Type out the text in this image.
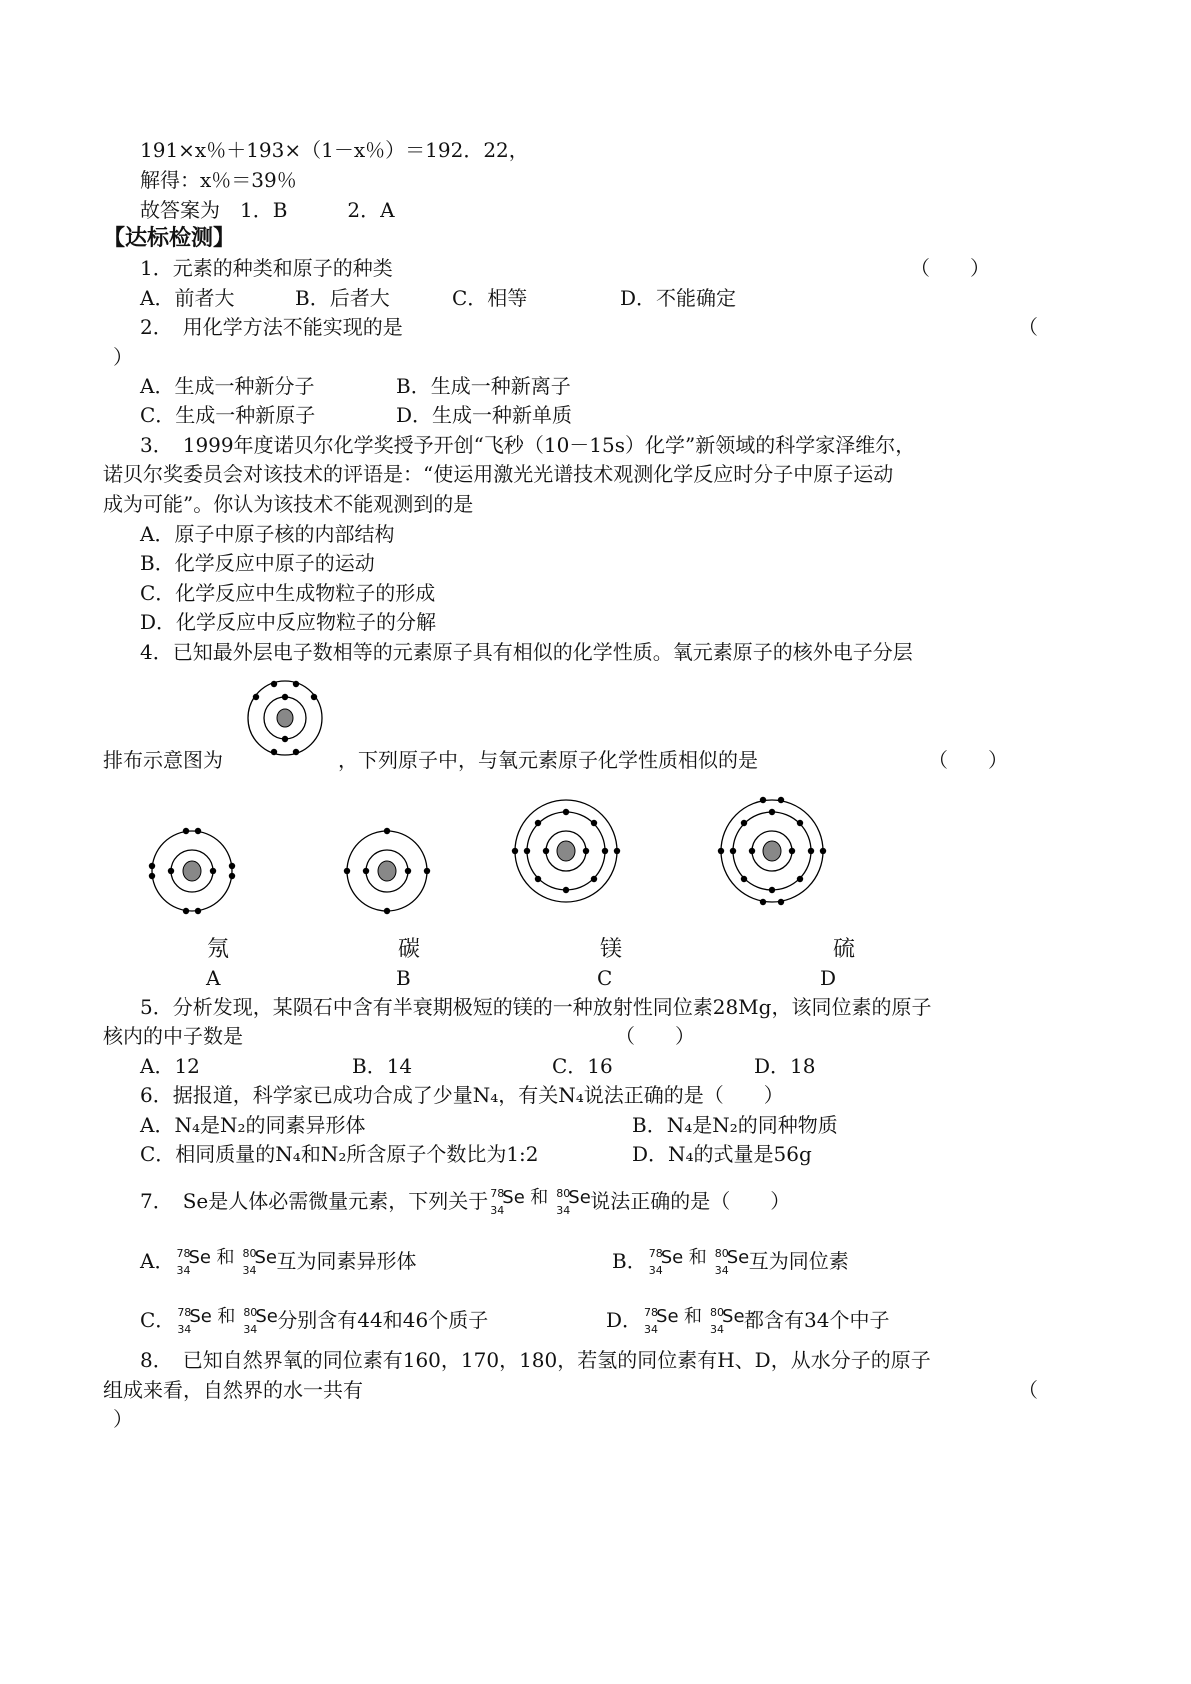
191×x％＋193×（1－x％）＝192．22，
解得：x％＝39％
故答案为　1．B　　　2．A
【达标检测】
1．元素的种类和原子的种类	（　　）
A．前者大	B．后者大	C．相等	D．不能确定
2．　用化学方法不能实现的是	（
）
A．生成一种新分子	B．生成一种新离子
C．生成一种新原子	D．生成一种新单质
3．　1999年度诺贝尔化学奖授予开创“飞秒（10－15s）化学”新领域的科学家泽维尔，
诺贝尔奖委员会对该技术的评语是：“使运用激光光谱技术观测化学反应时分子中原子运动
成为可能”。你认为该技术不能观测到的是
A．原子中原子核的内部结构
B．化学反应中原子的运动
C．化学反应中生成物粒子的形成
D．化学反应中反应物粒子的分解
4．已知最外层电子数相等的元素原子具有相似的化学性质。氧元素原子的核外电子分层
排布示意图为	，下列原子中，与氧元素原子化学性质相似的是	（　　）
氖	碳	镁	硫
A	B	C	D
5．分析发现，某陨石中含有半衰期极短的镁的一种放射性同位素28Mg，该同位素的原子
核内的中子数是	（　　）
A．12	B．14	C．16	D．18
6．据报道，科学家已成功合成了少量N₄，有关N₄说法正确的是（　　）
A．N₄是N₂的同素异形体	B．N₄是N₂的同种物质
C．相同质量的N₄和N₂所含原子个数比为1:2	D．N₄的式量是56g
7．　Se是人体必需微量元素，下列关于 78
34
Se 和 80
34
Se 说法正确的是（　　）
A． 78
34
Se 和 80
34
Se 互为同素异形体	B． 78
34
Se 和 80
34
Se 互为同位素
C． 78
34
Se 和 80
34
Se 分别含有44和46个质子	D． 78
34
Se 和 80
34
Se 都含有34个中子
8．　已知自然界氧的同位素有160，170，180，若氢的同位素有H、D，从水分子的原子
组成来看，自然界的水一共有	（
）
